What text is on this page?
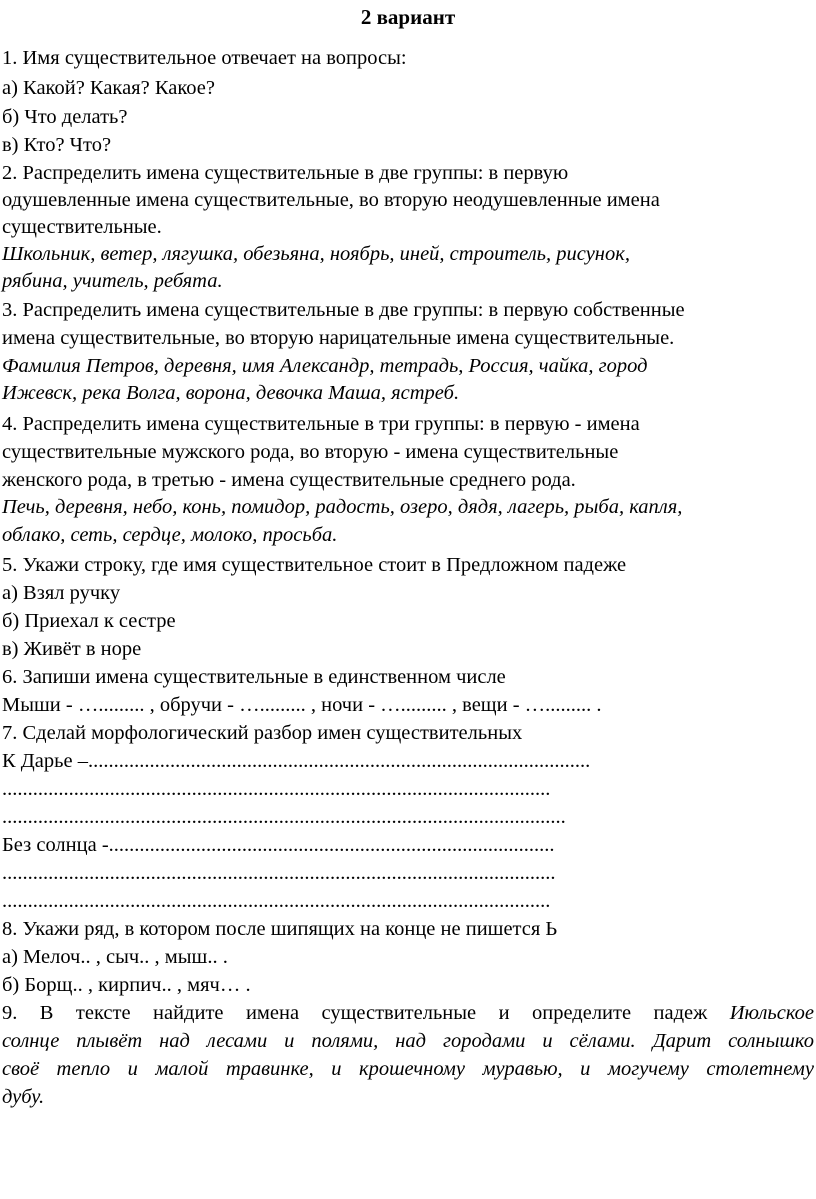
2 вариант
1. Имя существительное отвечает на вопросы:
а) Какой? Какая? Какое?
б) Что делать?
в) Кто? Что?
2. Распределить имена существительные в две группы: в первую
одушевленные имена существительные, во вторую неодушевленные имена
существительные.
Школьник, ветер, лягушка, обезьяна, ноябрь, иней, строитель, рисунок,
рябина, учитель, ребята.
3. Распределить имена существительные в две группы: в первую собственные
имена существительные, во вторую нарицательные имена существительные.
Фамилия Петров, деревня, имя Александр, тетрадь, Россия, чайка, город
Ижевск, река Волга, ворона, девочка Маша, ястреб.
4. Распределить имена существительные в три группы: в первую - имена
существительные мужского рода, во вторую - имена существительные
женского рода, в третью - имена существительные среднего рода.
Печь, деревня, небо, конь, помидор, радость, озеро, дядя, лагерь, рыба, капля,
облако, сеть, сердце, молоко, просьба.
5. Укажи строку, где имя существительное стоит в Предложном падеже
а) Взял ручку
б) Приехал к сестре
в) Живёт в норе
6. Запиши имена существительные в единственном числе
Мыши - …......... , обручи - …......... , ночи - …......... , вещи - …......... .
7. Сделай морфологический разбор имен существительных
К Дарье –..................................................................................................
...........................................................................................................
..............................................................................................................
Без солнца -.......................................................................................
............................................................................................................
...........................................................................................................
8. Укажи ряд, в котором после шипящих на конце не пишется Ь
а) Мелоч.. , сыч.. , мыш.. .
б) Борщ.. , кирпич.. , мяч… .
9. В тексте найдите имена существительные и определите падеж Июльское
солнце плывёт над лесами и полями, над городами и сёлами. Дарит солнышко
своё тепло и малой травинке, и крошечному муравью, и могучему столетнему
дубу.
